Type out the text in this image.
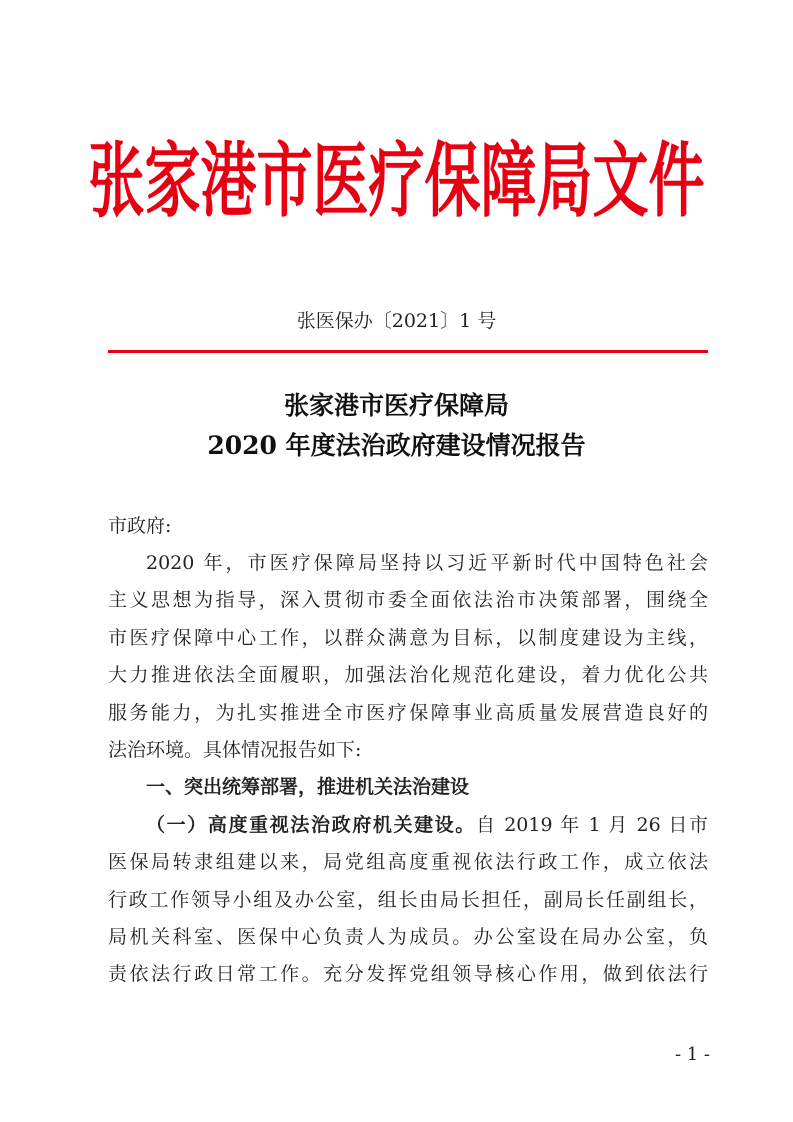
张家港市医疗保障局文件
张医保办〔2021〕1 号
张家港市医疗保障局
2020 年度法治政府建设情况报告
市政府:
2020 年，市医疗保障局坚持以习近平新时代中国特色社会
主义思想为指导，深入贯彻市委全面依法治市决策部署，围绕全
市医疗保障中心工作，以群众满意为目标，以制度建设为主线，
大力推进依法全面履职，加强法治化规范化建设，着力优化公共
服务能力，为扎实推进全市医疗保障事业高质量发展营造良好的
法治环境。具体情况报告如下:
一、突出统筹部署，推进机关法治建设
（一）高度重视法治政府机关建设。自 2019 年 1 月 26 日市
医保局转隶组建以来，局党组高度重视依法行政工作，成立依法
行政工作领导小组及办公室，组长由局长担任，副局长任副组长，
局机关科室、医保中心负责人为成员。办公室设在局办公室，负
责依法行政日常工作。充分发挥党组领导核心作用，做到依法行
- 1 -
